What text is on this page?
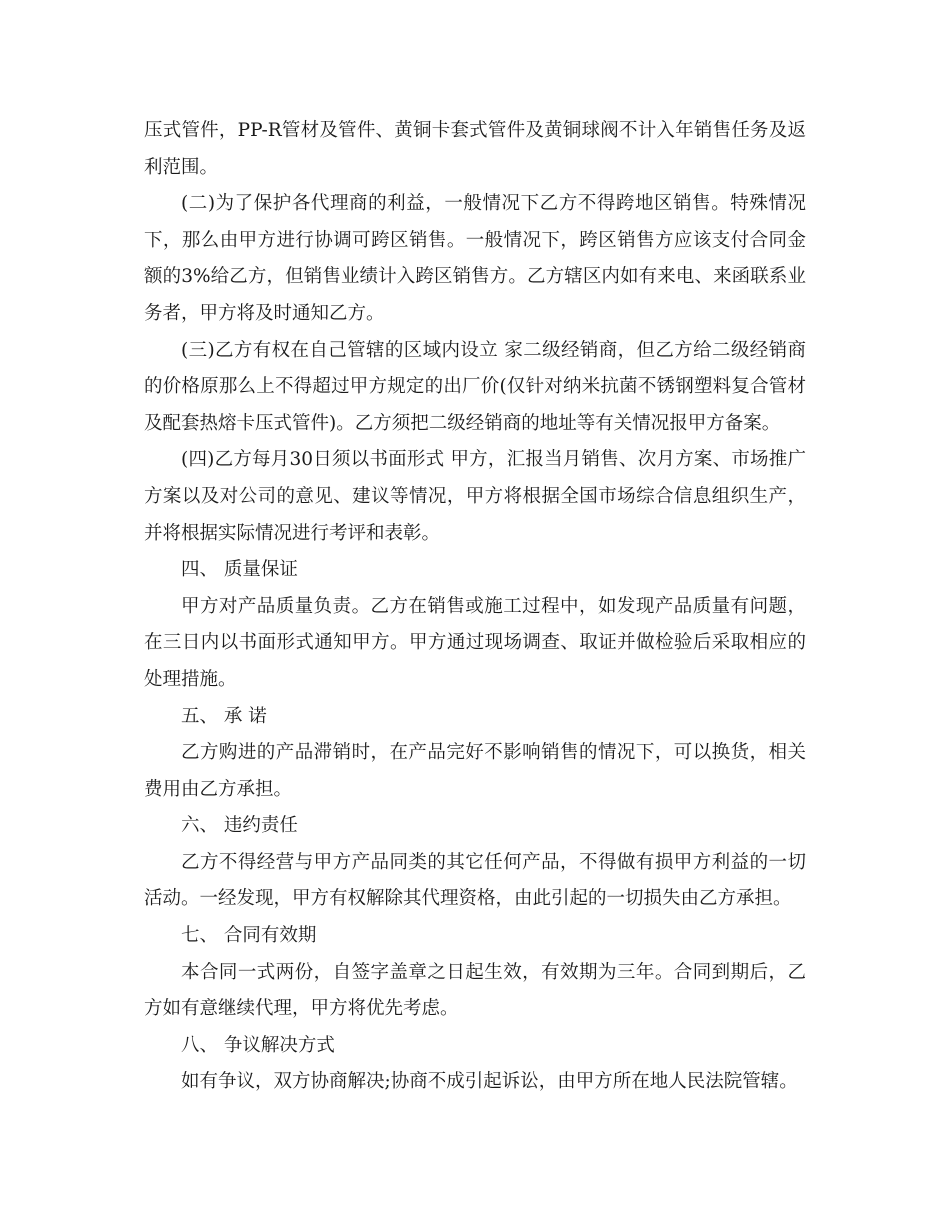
压式管件，PP-R管材及管件、黄铜卡套式管件及黄铜球阀不计入年销售任务及返利范围。

(二)为了保护各代理商的利益，一般情况下乙方不得跨地区销售。特殊情况下，那么由甲方进行协调可跨区销售。一般情况下，跨区销售方应该支付合同金额的3%给乙方，但销售业绩计入跨区销售方。乙方辖区内如有来电、来函联系业务者，甲方将及时通知乙方。

(三)乙方有权在自己管辖的区域内设立 家二级经销商，但乙方给二级经销商的价格原那么上不得超过甲方规定的出厂价(仅针对纳米抗菌不锈钢塑料复合管材及配套热熔卡压式管件)。乙方须把二级经销商的地址等有关情况报甲方备案。

(四)乙方每月30日须以书面形式 甲方，汇报当月销售、次月方案、市场推广方案以及对公司的意见、建议等情况，甲方将根据全国市场综合信息组织生产，并将根据实际情况进行考评和表彰。

四、 质量保证

甲方对产品质量负责。乙方在销售或施工过程中，如发现产品质量有问题，在三日内以书面形式通知甲方。甲方通过现场调查、取证并做检验后采取相应的处理措施。

五、 承 诺

乙方购进的产品滞销时，在产品完好不影响销售的情况下，可以换货，相关费用由乙方承担。

六、 违约责任

乙方不得经营与甲方产品同类的其它任何产品，不得做有损甲方利益的一切活动。一经发现，甲方有权解除其代理资格，由此引起的一切损失由乙方承担。

七、 合同有效期

本合同一式两份，自签字盖章之日起生效，有效期为三年。合同到期后，乙方如有意继续代理，甲方将优先考虑。

八、 争议解决方式

如有争议，双方协商解决;协商不成引起诉讼，由甲方所在地人民法院管辖。
